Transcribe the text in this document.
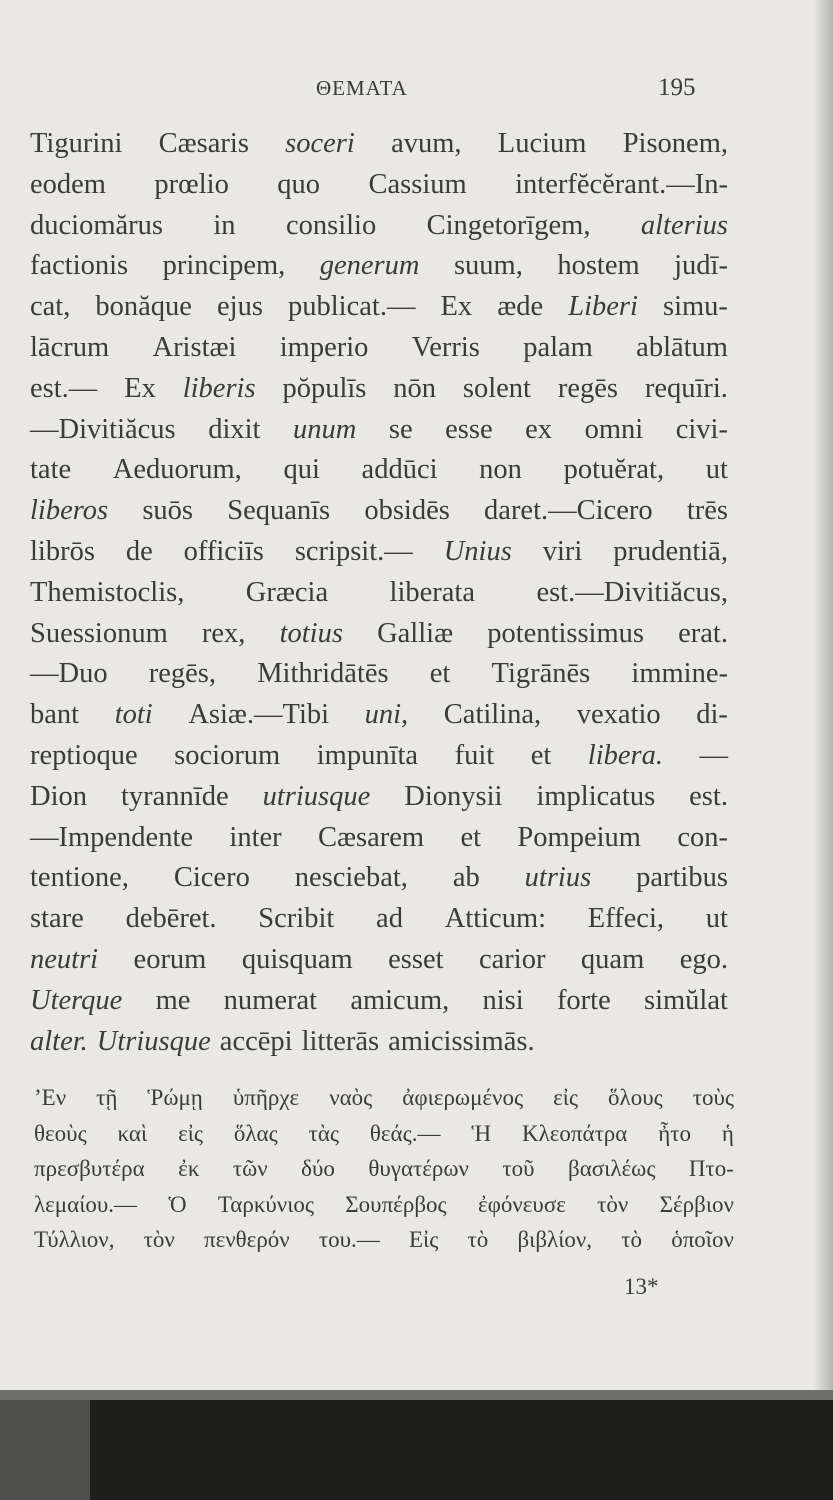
ΘΕΜΑΤΑ	195
Tigurini Cæsaris soceri avum, Lucium Pisonem,
eodem prœlio quo Cassium interfĕcĕrant.—In-
duciomărus in consilio Cingetorīgem, alterius
factionis principem, generum suum, hostem judī-
cat, bonăque ejus publicat.— Ex æde Liberi simu-
lācrum Aristæi imperio Verris palam ablātum
est.— Ex liberis pŏpulīs nōn solent regēs requīri.
—Divitiăcus dixit unum se esse ex omni civi-
tate Aeduorum, qui addūci non potuĕrat, ut
liberos suōs Sequanīs obsidēs daret.—Cicero trēs
librōs de officiīs scripsit.— Unius viri prudentiā,
Themistoclis, Græcia liberata est.—Divitiăcus,
Suessionum rex, totius Galliæ potentissimus erat.
—Duo regēs, Mithridātēs et Tigrānēs immine-
bant toti Asiæ.—Tibi uni, Catilina, vexatio di-
reptioque sociorum impunīta fuit et libera. —
Dion tyrannīde utriusque Dionysii implicatus est.
—Impendente inter Cæsarem et Pompeium con-
tentione, Cicero nesciebat, ab utrius partibus
stare debēret. Scribit ad Atticum: Effeci, ut
neutri eorum quisquam esset carior quam ego.
Uterque me numerat amicum, nisi forte simŭlat
alter. Utriusque accēpi litterās amicissimās.
’Εν τῇ Ῥώμῃ ὑπῆρχε ναὸς ἀφιερωμένος εἰς ὅλους τοὺς
θεοὺς καὶ εἰς ὅλας τὰς θεάς.— Ἡ Κλεοπάτρα ἦτο ἡ
πρεσβυτέρα ἐκ τῶν δύο θυγατέρων τοῦ βασιλέως Πτο-
λεμαίου.— Ὁ Ταρκύνιος Σουπέρβος ἐφόνευσε τὸν Σέρβιον
Τύλλιον, τὸν πενθερόν του.— Εἰς τὸ βιβλίον, τὸ ὁποῖον
13*
